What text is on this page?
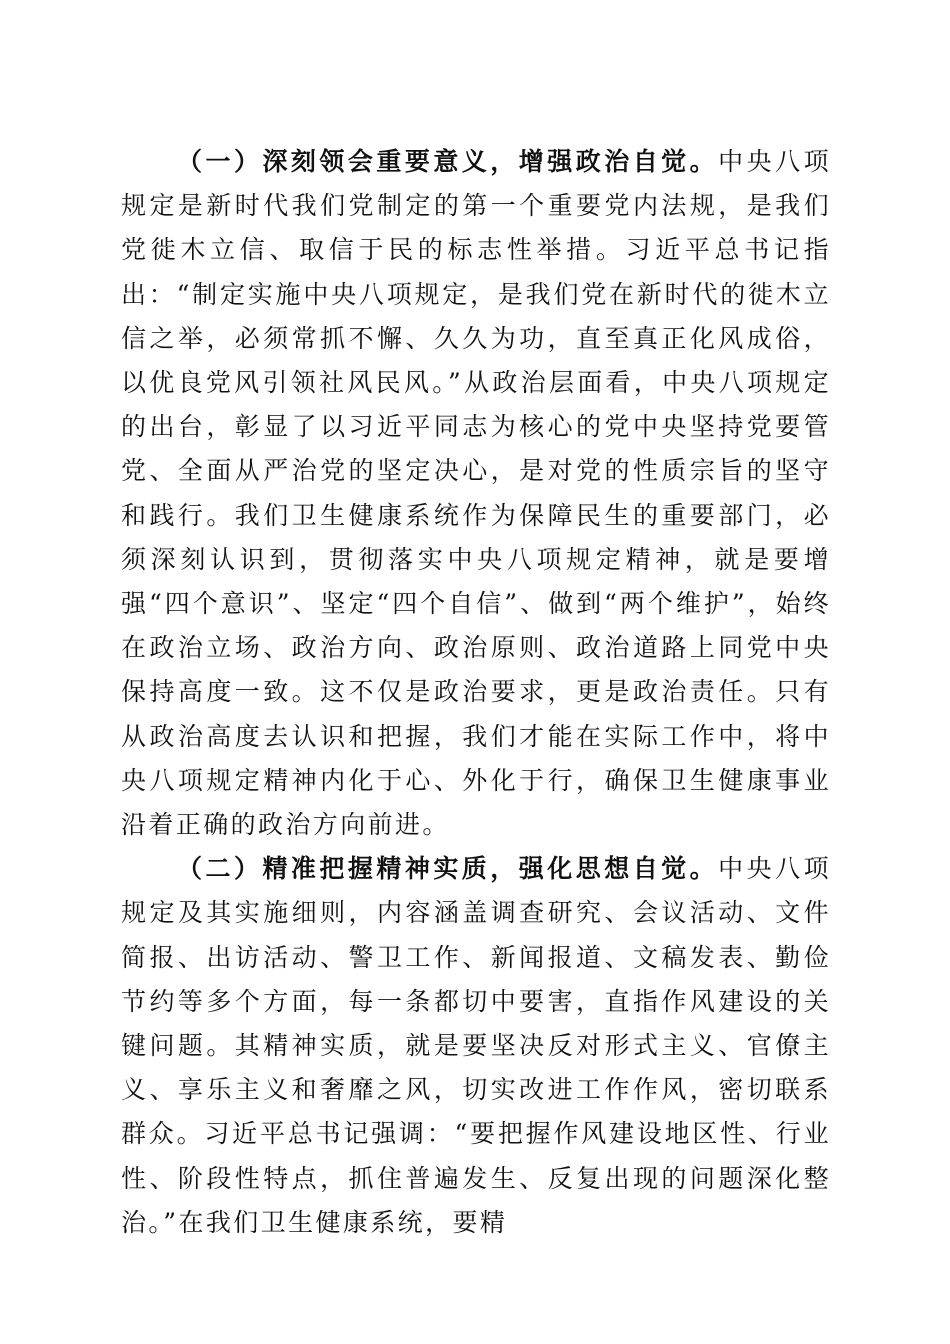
（一）深刻领会重要意义，增强政治自觉。中央八项规定是新时代我们党制定的第一个重要党内法规，是我们党徙木立信、取信于民的标志性举措。习近平总书记指出：“制定实施中央八项规定，是我们党在新时代的徙木立信之举，必须常抓不懈、久久为功，直至真正化风成俗，以优良党风引领社风民风。”从政治层面看，中央八项规定的出台，彰显了以习近平同志为核心的党中央坚持党要管党、全面从严治党的坚定决心，是对党的性质宗旨的坚守和践行。我们卫生健康系统作为保障民生的重要部门，必须深刻认识到，贯彻落实中央八项规定精神，就是要增强“四个意识”、坚定“四个自信”、做到“两个维护”，始终在政治立场、政治方向、政治原则、政治道路上同党中央保持高度一致。这不仅是政治要求，更是政治责任。只有从政治高度去认识和把握，我们才能在实际工作中，将中央八项规定精神内化于心、外化于行，确保卫生健康事业沿着正确的政治方向前进。

（二）精准把握精神实质，强化思想自觉。中央八项规定及其实施细则，内容涵盖调查研究、会议活动、文件简报、出访活动、警卫工作、新闻报道、文稿发表、勤俭节约等多个方面，每一条都切中要害，直指作风建设的关键问题。其精神实质，就是要坚决反对形式主义、官僚主义、享乐主义和奢靡之风，切实改进工作作风，密切联系群众。习近平总书记强调：“要把握作风建设地区性、行业性、阶段性特点，抓住普遍发生、反复出现的问题深化整治。”在我们卫生健康系统，要精
